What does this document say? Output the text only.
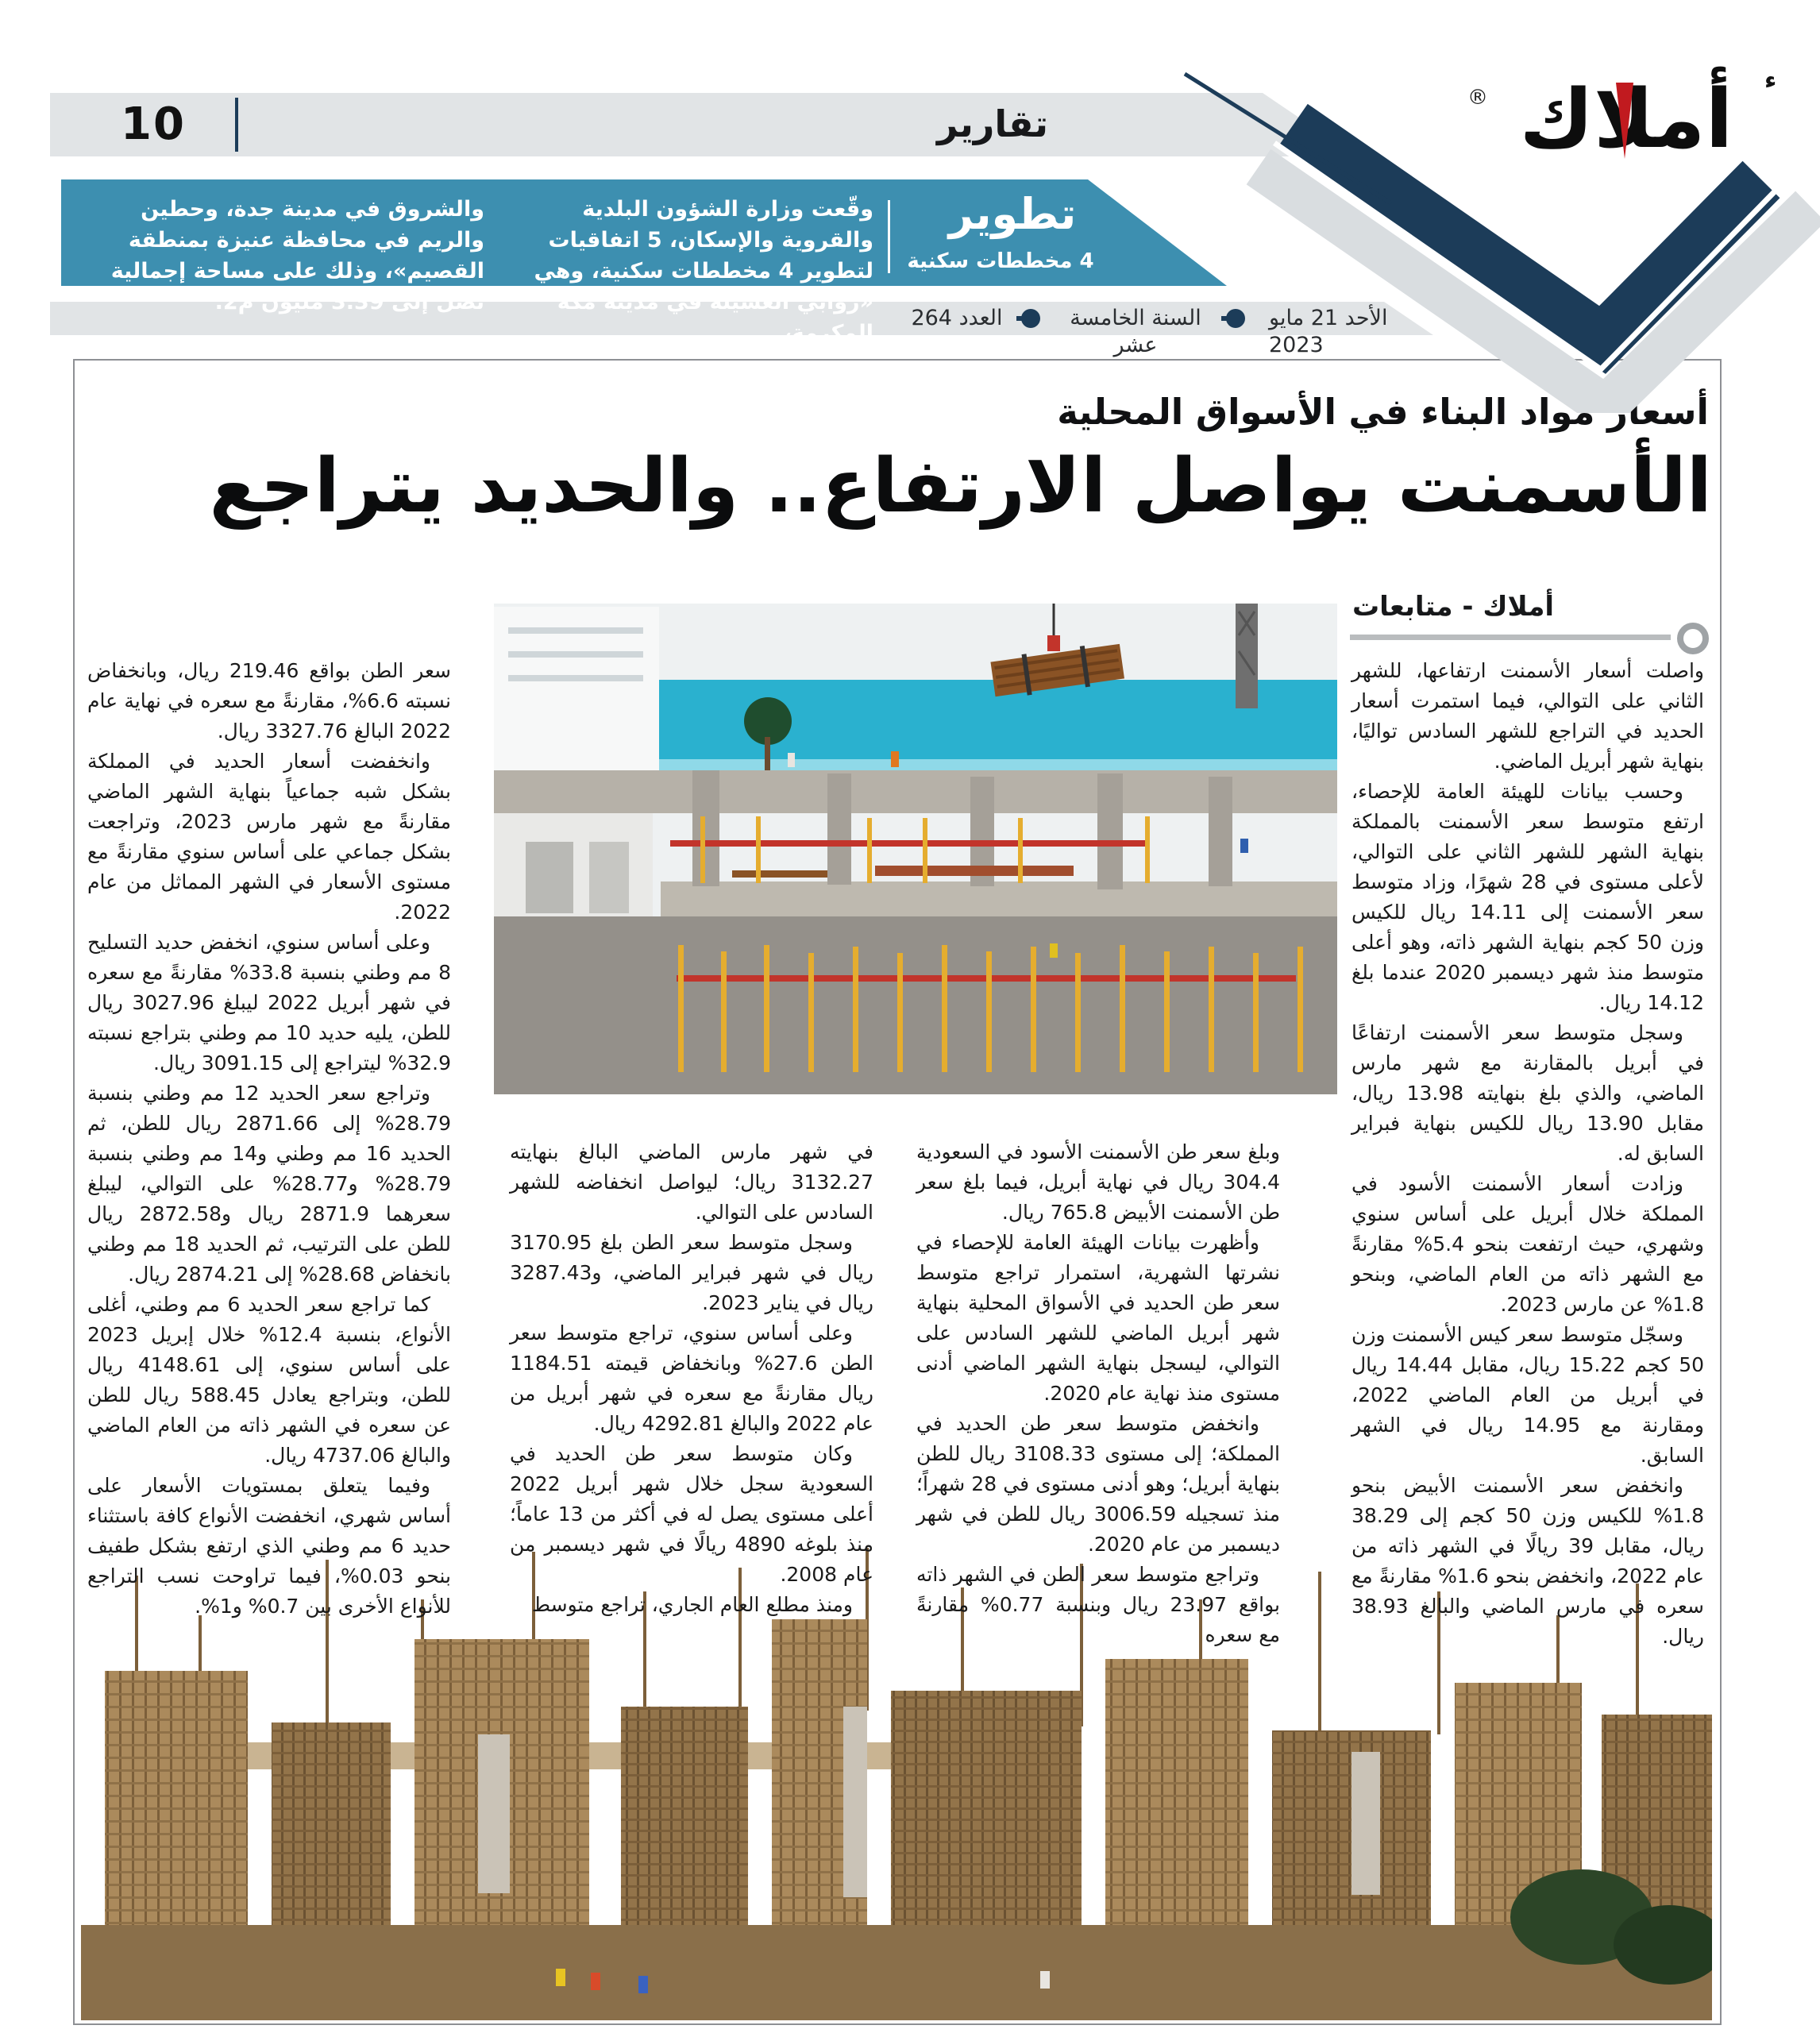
10	تقارير
تطوير
4 مخططات سكنية
وقّعت وزارة الشؤون البلدية والقروية والإسكان، 5 اتفاقيات لتطوير 4 مخططات سكنية، وهي «روابي العسيلة في مدينة مكة المكرمة،
والشروق في مدينة جدة، وحطين والريم في محافظة عنيزة بمنطقة القصيم»، وذلك على مساحة إجمالية تصل إلى 3.39 مليون م2.
الأحد 21 مايو 2023
السنة الخامسة عشر
العدد 264
أملاك
®
ء
أسعار مواد البناء في الأسواق المحلية
الأسمنت يواصل الارتفاع.. والحديد يتراجع
أملاك - متابعات

واصلت أسعار الأسمنت ارتفاعها، للشهر الثاني على التوالي، فيما استمرت أسعار الحديد في التراجع للشهر السادس تواليًا، بنهاية شهر أبريل الماضي.

وحسب بيانات للهيئة العامة للإحصاء، ارتفع متوسط سعر الأسمنت بالمملكة بنهاية الشهر للشهر الثاني على التوالي، لأعلى مستوى في 28 شهرًا، وزاد متوسط سعر الأسمنت إلى 14.11 ريال للكيس وزن 50 كجم بنهاية الشهر ذاته، وهو أعلى متوسط منذ شهر ديسمبر 2020 عندما بلغ 14.12 ريال.

وسجل متوسط سعر الأسمنت ارتفاعًا في أبريل بالمقارنة مع شهر مارس الماضي، والذي بلغ بنهايته 13.98 ريال، مقابل 13.90 ريال للكيس بنهاية فبراير السابق له.

وزادت أسعار الأسمنت الأسود في المملكة خلال أبريل على أساس سنوي وشهري، حيث ارتفعت بنحو 5.4% مقارنةً مع الشهر ذاته من العام الماضي، وبنحو 1.8% عن مارس 2023.

وسجّل متوسط سعر كيس الأسمنت وزن 50 كجم 15.22 ريال، مقابل 14.44 ريال في أبريل من العام الماضي 2022، ومقارنة مع 14.95 ريال في الشهر السابق.

وانخفض سعر الأسمنت الأبيض بنحو 1.8% للكيس وزن 50 كجم إلى 38.29 ريال، مقابل 39 ريالًا في الشهر ذاته من عام 2022، وانخفض بنحو 1.6% مقارنةً مع سعره في مارس الماضي والبالغ 38.93 ريال.

وبلغ سعر طن الأسمنت الأسود في السعودية 304.4 ريال في نهاية أبريل، فيما بلغ سعر طن الأسمنت الأبيض 765.8 ريال.

وأظهرت بيانات الهيئة العامة للإحصاء في نشرتها الشهرية، استمرار تراجع متوسط سعر طن الحديد في الأسواق المحلية بنهاية شهر أبريل الماضي للشهر السادس على التوالي، ليسجل بنهاية الشهر الماضي أدنى مستوى منذ نهاية عام 2020.

وانخفض متوسط سعر طن الحديد في المملكة؛ إلى مستوى 3108.33 ريال للطن بنهاية أبريل؛ وهو أدنى مستوى في 28 شهراً؛ منذ تسجيله 3006.59 ريال للطن في شهر ديسمبر من عام 2020.

وتراجع متوسط سعر الطن في الشهر ذاته بواقع 23.97 ريال وبنسبة 0.77% مقارنةً مع سعره

في شهر مارس الماضي البالغ بنهايته 3132.27 ريال؛ ليواصل انخفاضه للشهر السادس على التوالي.

وسجل متوسط سعر الطن بلغ 3170.95 ريال في شهر فبراير الماضي، و3287.43 ريال في يناير 2023.

وعلى أساس سنوي، تراجع متوسط سعر الطن 27.6% وبانخفاض قيمته 1184.51 ريال مقارنةً مع سعره في شهر أبريل من عام 2022 والبالغ 4292.81 ريال.

وكان متوسط سعر طن الحديد في السعودية سجل خلال شهر أبريل 2022 أعلى مستوى يصل له في أكثر من 13 عاماً؛ منذ بلوغه 4890 ريالًا في شهر ديسمبر من عام 2008.

ومنذ مطلع العام الجاري، تراجع متوسط

سعر الطن بواقع 219.46 ريال، وبانخفاض نسبته 6.6%، مقارنةً مع سعره في نهاية عام 2022 البالغ 3327.76 ريال.

وانخفضت أسعار الحديد في المملكة بشكل شبه جماعياً بنهاية الشهر الماضي مقارنةً مع شهر مارس 2023، وتراجعت بشكل جماعي على أساس سنوي مقارنةً مع مستوى الأسعار في الشهر المماثل من عام 2022.

وعلى أساس سنوي، انخفض حديد التسليح 8 مم وطني بنسبة 33.8% مقارنةً مع سعره في شهر أبريل 2022 ليبلغ 3027.96 ريال للطن، يليه حديد 10 مم وطني بتراجع نسبته 32.9% ليتراجع إلى 3091.15 ريال.

وتراجع سعر الحديد 12 مم وطني بنسبة 28.79% إلى 2871.66 ريال للطن، ثم الحديد 16 مم وطني و14 مم وطني بنسبة 28.79% و28.77% على التوالي، ليبلغ سعرهما 2871.9 ريال و2872.58 ريال للطن على الترتيب، ثم الحديد 18 مم وطني بانخفاض 28.68% إلى 2874.21 ريال.

كما تراجع سعر الحديد 6 مم وطني، أغلى الأنواع، بنسبة 12.4% خلال إبريل 2023 على أساس سنوي، إلى 4148.61 ريال للطن، وبتراجع يعادل 588.45 ريال للطن عن سعره في الشهر ذاته من العام الماضي والبالغ 4737.06 ريال.

وفيما يتعلق بمستويات الأسعار على أساس شهري، انخفضت الأنواع كافة باستثناء حديد 6 مم وطني الذي ارتفع بشكل طفيف بنحو 0.03%، فيما تراوحت نسب التراجع للأنواع الأخرى بين 0.7% و1%.
